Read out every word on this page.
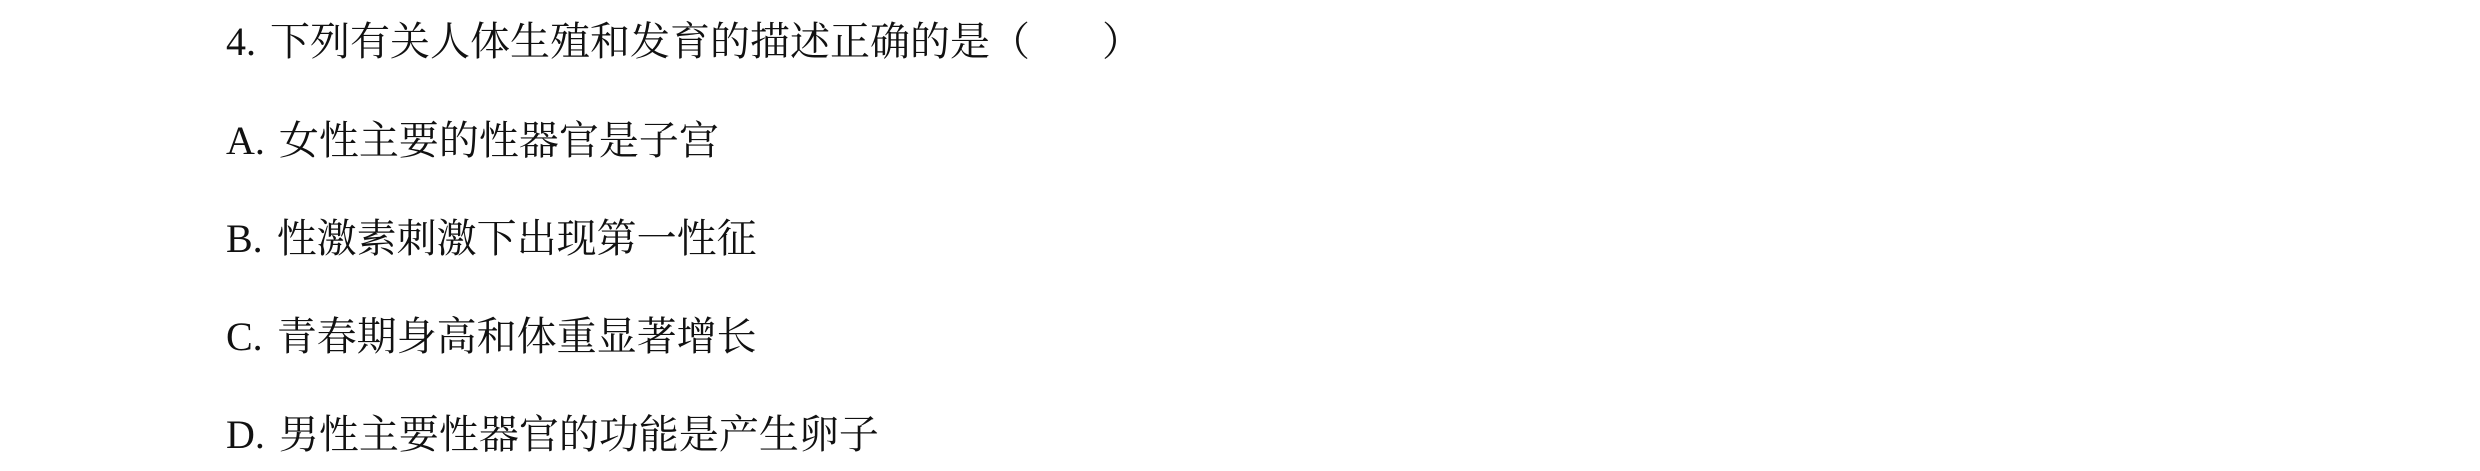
4. 下列有关人体生殖和发育的描述正确的是（ ）
A. 女性主要的性器官是子宫
B. 性激素刺激下出现第一性征
C. 青春期身高和体重显著增长
D. 男性主要性器官的功能是产生卵子
